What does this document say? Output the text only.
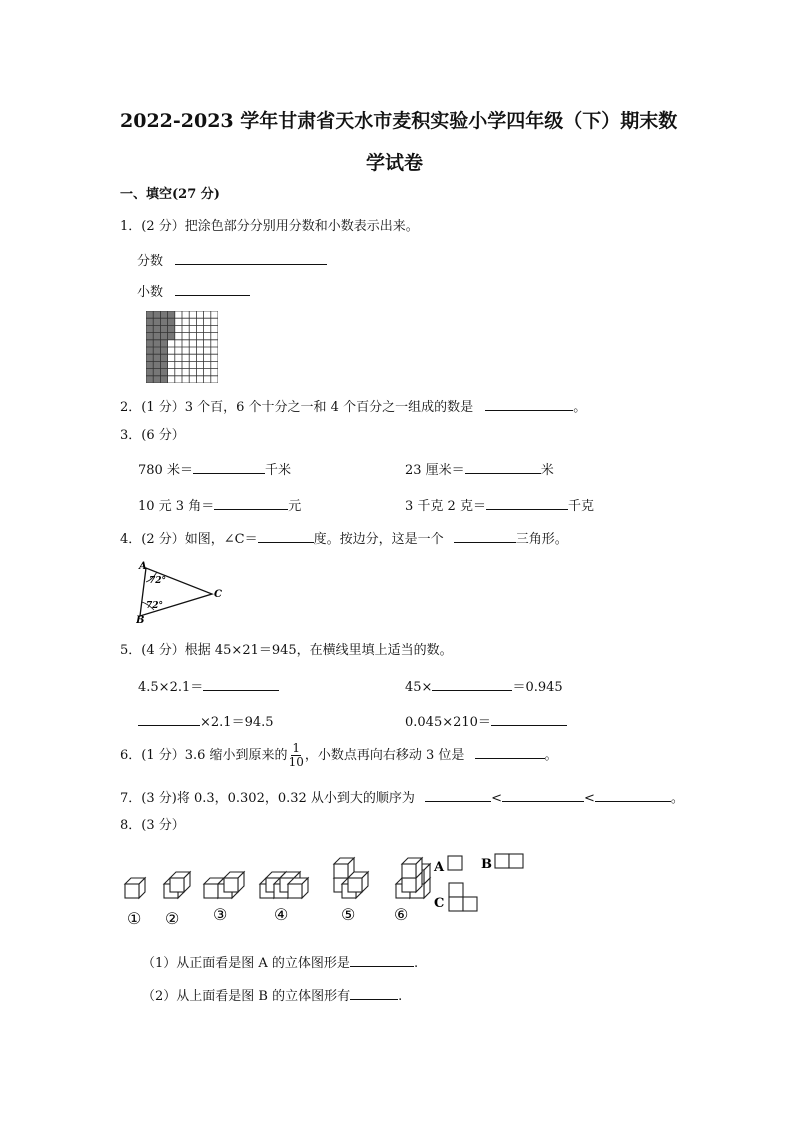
2022-2023 学年甘肃省天水市麦积实验小学四年级（下）期末数
学试卷
一、填空(27 分)
1．(2 分）把涂色部分分别用分数和小数表示出来。
分数
小数
2．(1 分）3 个百，6 个十分之一和 4 个百分之一组成的数是	。
3．(6 分）
780 米＝	千米	23 厘米＝	米
10 元 3 角＝	元	3 千克 2 克＝	千克
4．(2 分）如图，∠C＝	度。按边分，这是一个	三角形。
A
B
C
72°
72°
5．(4 分）根据 45×21＝945，在横线里填上适当的数。
4.5×2.1＝	45×	＝0.945
×2.1＝94.5	0.045×210＝
6．(1 分）3.6 缩小到原来的 $\frac{1}{10}$ ，小数点再向右移动 3 位是	。
7．(3 分)将 0.3，0.302，0.32 从小到大的顺序为	<	<	。
8．(3 分）
① ② ③	④	⑤ ⑥
A	B
C
（1）从正面看是图 A 的立体图形是	.
（2）从上面看是图 B 的立体图形有	.
